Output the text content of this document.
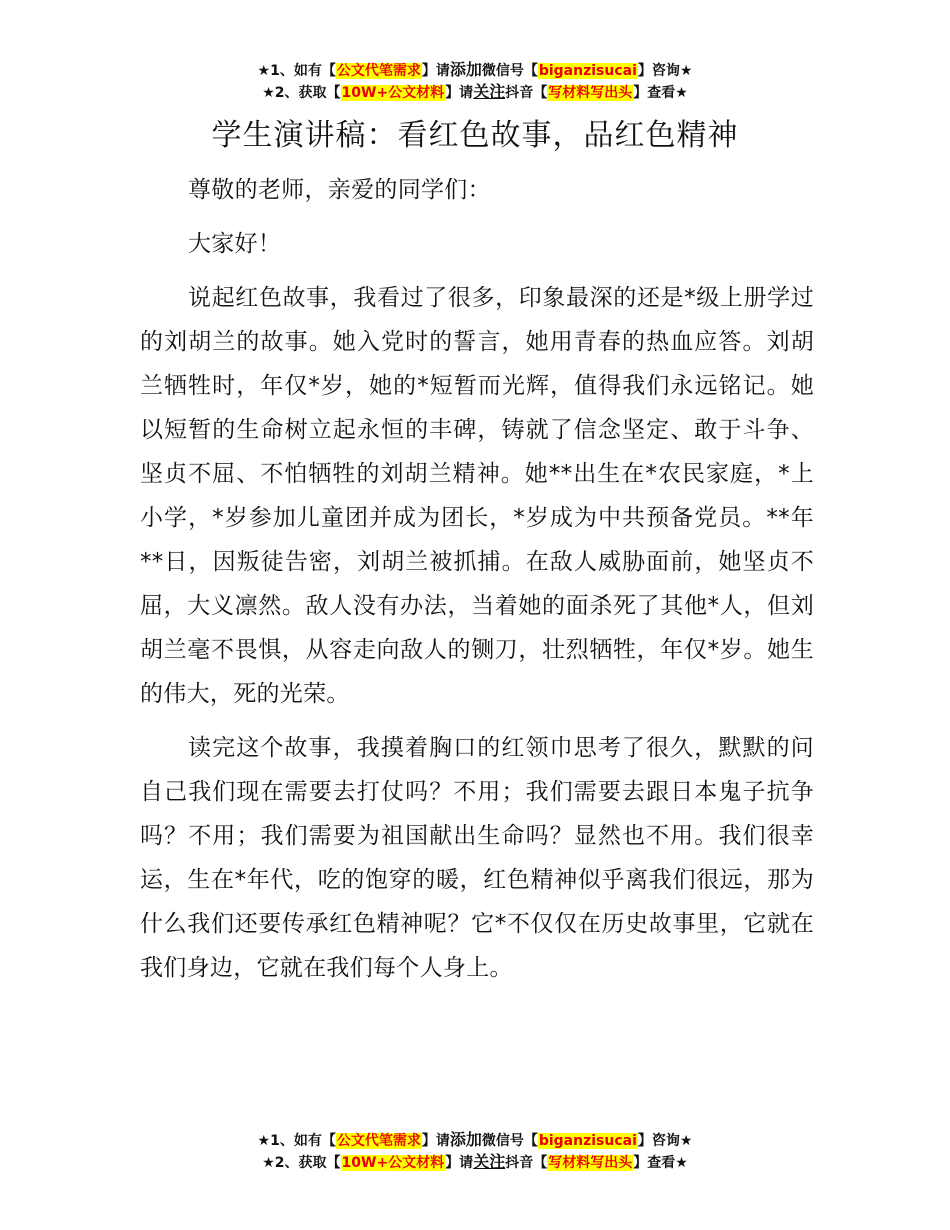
★1、如有【公文代笔需求】请添加微信号【biganzisucai】咨询★
★2、获取【10W+公文材料】请关注抖音【写材料写出头】查看★
学生演讲稿：看红色故事，品红色精神

尊敬的老师，亲爱的同学们：

大家好！

说起红色故事，我看过了很多，印象最深的还是*级上册学过的刘胡兰的故事。她入党时的誓言，她用青春的热血应答。刘胡兰牺牲时，年仅*岁，她的*短暂而光辉，值得我们永远铭记。她以短暂的生命树立起永恒的丰碑，铸就了信念坚定、敢于斗争、坚贞不屈、不怕牺牲的刘胡兰精神。她**出生在*农民家庭，*上小学，*岁参加儿童团并成为团长，*岁成为中共预备党员。**年**日，因叛徒告密，刘胡兰被抓捕。在敌人威胁面前，她坚贞不屈，大义凛然。敌人没有办法，当着她的面杀死了其他*人，但刘胡兰毫不畏惧，从容走向敌人的铡刀，壮烈牺牲，年仅*岁。她生的伟大，死的光荣。

读完这个故事，我摸着胸口的红领巾思考了很久，默默的问自己我们现在需要去打仗吗？不用；我们需要去跟日本鬼子抗争吗？不用；我们需要为祖国献出生命吗？显然也不用。我们很幸运，生在*年代，吃的饱穿的暖，红色精神似乎离我们很远，那为什么我们还要传承红色精神呢？它*不仅仅在历史故事里，它就在我们身边，它就在我们每个人身上。

★1、如有【公文代笔需求】请添加微信号【biganzisucai】咨询★
★2、获取【10W+公文材料】请关注抖音【写材料写出头】查看★
